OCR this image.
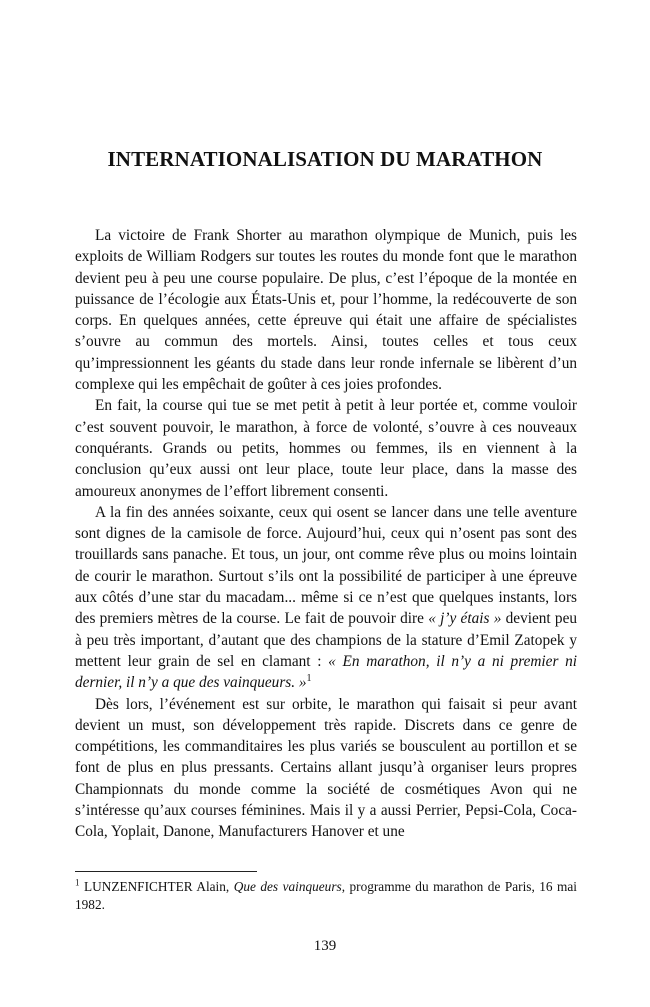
INTERNATIONALISATION DU MARATHON

La victoire de Frank Shorter au marathon olympique de Munich, puis les exploits de William Rodgers sur toutes les routes du monde font que le marathon devient peu à peu une course populaire. De plus, c’est l’époque de la montée en puissance de l’écologie aux États-Unis et, pour l’homme, la redécouverte de son corps. En quelques années, cette épreuve qui était une affaire de spécialistes s’ouvre au commun des mortels. Ainsi, toutes celles et tous ceux qu’impressionnent les géants du stade dans leur ronde infernale se libèrent d’un complexe qui les empêchait de goûter à ces joies profondes.

En fait, la course qui tue se met petit à petit à leur portée et, comme vouloir c’est souvent pouvoir, le marathon, à force de volonté, s’ouvre à ces nouveaux conquérants. Grands ou petits, hommes ou femmes, ils en viennent à la conclusion qu’eux aussi ont leur place, toute leur place, dans la masse des amoureux anonymes de l’effort librement consenti.

A la fin des années soixante, ceux qui osent se lancer dans une telle aventure sont dignes de la camisole de force. Aujourd’hui, ceux qui n’osent pas sont des trouillards sans panache. Et tous, un jour, ont comme rêve plus ou moins lointain de courir le marathon. Surtout s’ils ont la possibilité de participer à une épreuve aux côtés d’une star du macadam... même si ce n’est que quelques instants, lors des premiers mètres de la course. Le fait de pouvoir dire « j’y étais » devient peu à peu très important, d’autant que des champions de la stature d’Emil Zatopek y mettent leur grain de sel en clamant : « En marathon, il n’y a ni premier ni dernier, il n’y a que des vainqueurs. »$^1$

Dès lors, l’événement est sur orbite, le marathon qui faisait si peur avant devient un must, son développement très rapide. Discrets dans ce genre de compétitions, les commanditaires les plus variés se bousculent au portillon et se font de plus en plus pressants. Certains allant jusqu’à organiser leurs propres Championnats du monde comme la société de cosmétiques Avon qui ne s’intéresse qu’aux courses féminines. Mais il y a aussi Perrier, Pepsi-Cola, Coca-Cola, Yoplait, Danone, Manufacturers Hanover et une

$^1$ LUNZENFICHTER Alain, Que des vainqueurs, programme du marathon de Paris, 16 mai 1982.

139
